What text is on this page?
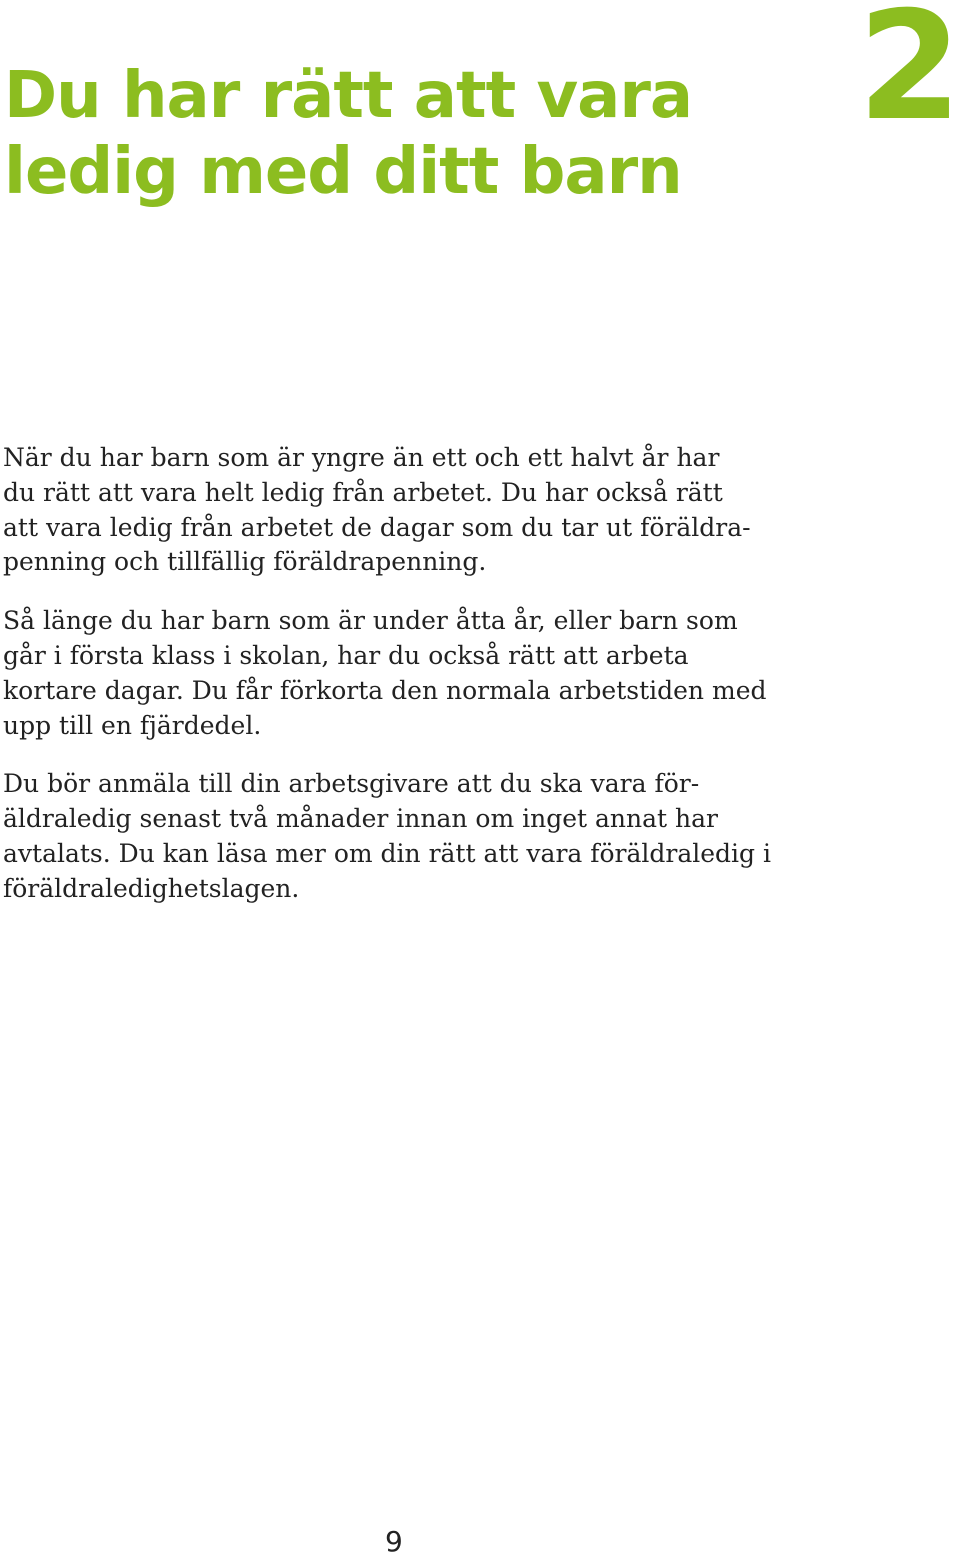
2
Du har rätt att vara
ledig med ditt barn

När du har barn som är yngre än ett och ett halvt år har
du rätt att vara helt ledig från arbetet. Du har också rätt
att vara ledig från arbetet de dagar som du tar ut föräldra-
penning och tillfällig föräldrapenning.

Så länge du har barn som är under åtta år, eller barn som
går i första klass i skolan, har du också rätt att arbeta
kortare dagar. Du får förkorta den normala arbetstiden med
upp till en fjärdedel.

Du bör anmäla till din arbetsgivare att du ska vara för-
äldraledig senast två månader innan om inget annat har
avtalats. Du kan läsa mer om din rätt att vara föräldraledig i
föräldraledighetslagen.

9
